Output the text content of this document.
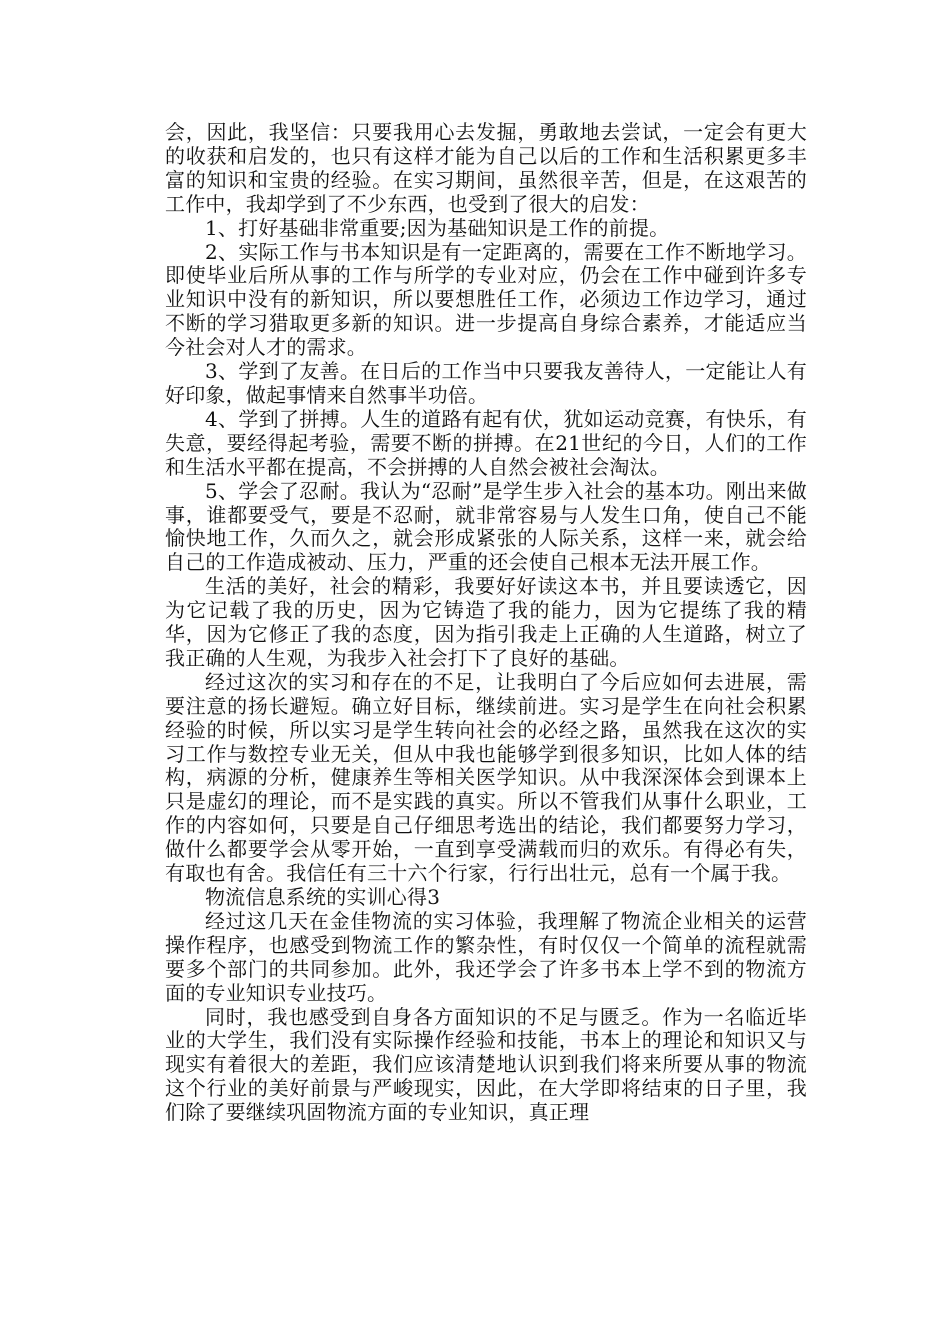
会，因此，我坚信：只要我用心去发掘，勇敢地去尝试，一定会有更大的收获和启发的，也只有这样才能为自己以后的工作和生活积累更多丰富的知识和宝贵的经验。在实习期间，虽然很辛苦，但是，在这艰苦的工作中，我却学到了不少东西，也受到了很大的启发：

1、打好基础非常重要;因为基础知识是工作的前提。

2、实际工作与书本知识是有一定距离的，需要在工作不断地学习。即使毕业后所从事的工作与所学的专业对应，仍会在工作中碰到许多专业知识中没有的新知识，所以要想胜任工作，必须边工作边学习，通过不断的学习猎取更多新的知识。进一步提高自身综合素养，才能适应当今社会对人才的需求。

3、学到了友善。在日后的工作当中只要我友善待人，一定能让人有好印象，做起事情来自然事半功倍。

4、学到了拼搏。人生的道路有起有伏，犹如运动竞赛，有快乐，有失意，要经得起考验，需要不断的拼搏。在21世纪的今日，人们的工作和生活水平都在提高，不会拼搏的人自然会被社会淘汰。

5、学会了忍耐。我认为“忍耐”是学生步入社会的基本功。刚出来做事，谁都要受气，要是不忍耐，就非常容易与人发生口角，使自己不能愉快地工作，久而久之，就会形成紧张的人际关系，这样一来，就会给自己的工作造成被动、压力，严重的还会使自己根本无法开展工作。

生活的美好，社会的精彩，我要好好读这本书，并且要读透它，因为它记载了我的历史，因为它铸造了我的能力，因为它提练了我的精华，因为它修正了我的态度，因为指引我走上正确的人生道路，树立了我正确的人生观，为我步入社会打下了良好的基础。

经过这次的实习和存在的不足，让我明白了今后应如何去进展，需要注意的扬长避短。确立好目标，继续前进。实习是学生在向社会积累经验的时候，所以实习是学生转向社会的必经之路，虽然我在这次的实习工作与数控专业无关，但从中我也能够学到很多知识，比如人体的结构，病源的分析，健康养生等相关医学知识。从中我深深体会到课本上只是虚幻的理论，而不是实践的真实。所以不管我们从事什么职业，工作的内容如何，只要是自己仔细思考选出的结论，我们都要努力学习，做什么都要学会从零开始，一直到享受满载而归的欢乐。有得必有失，有取也有舍。我信任有三十六个行家，行行出壮元，总有一个属于我。

物流信息系统的实训心得3

经过这几天在金佳物流的实习体验，我理解了物流企业相关的运营操作程序，也感受到物流工作的繁杂性，有时仅仅一个简单的流程就需要多个部门的共同参加。此外，我还学会了许多书本上学不到的物流方面的专业知识专业技巧。

同时，我也感受到自身各方面知识的不足与匮乏。作为一名临近毕业的大学生，我们没有实际操作经验和技能，书本上的理论和知识又与现实有着很大的差距，我们应该清楚地认识到我们将来所要从事的物流这个行业的美好前景与严峻现实，因此，在大学即将结束的日子里，我们除了要继续巩固物流方面的专业知识，真正理
